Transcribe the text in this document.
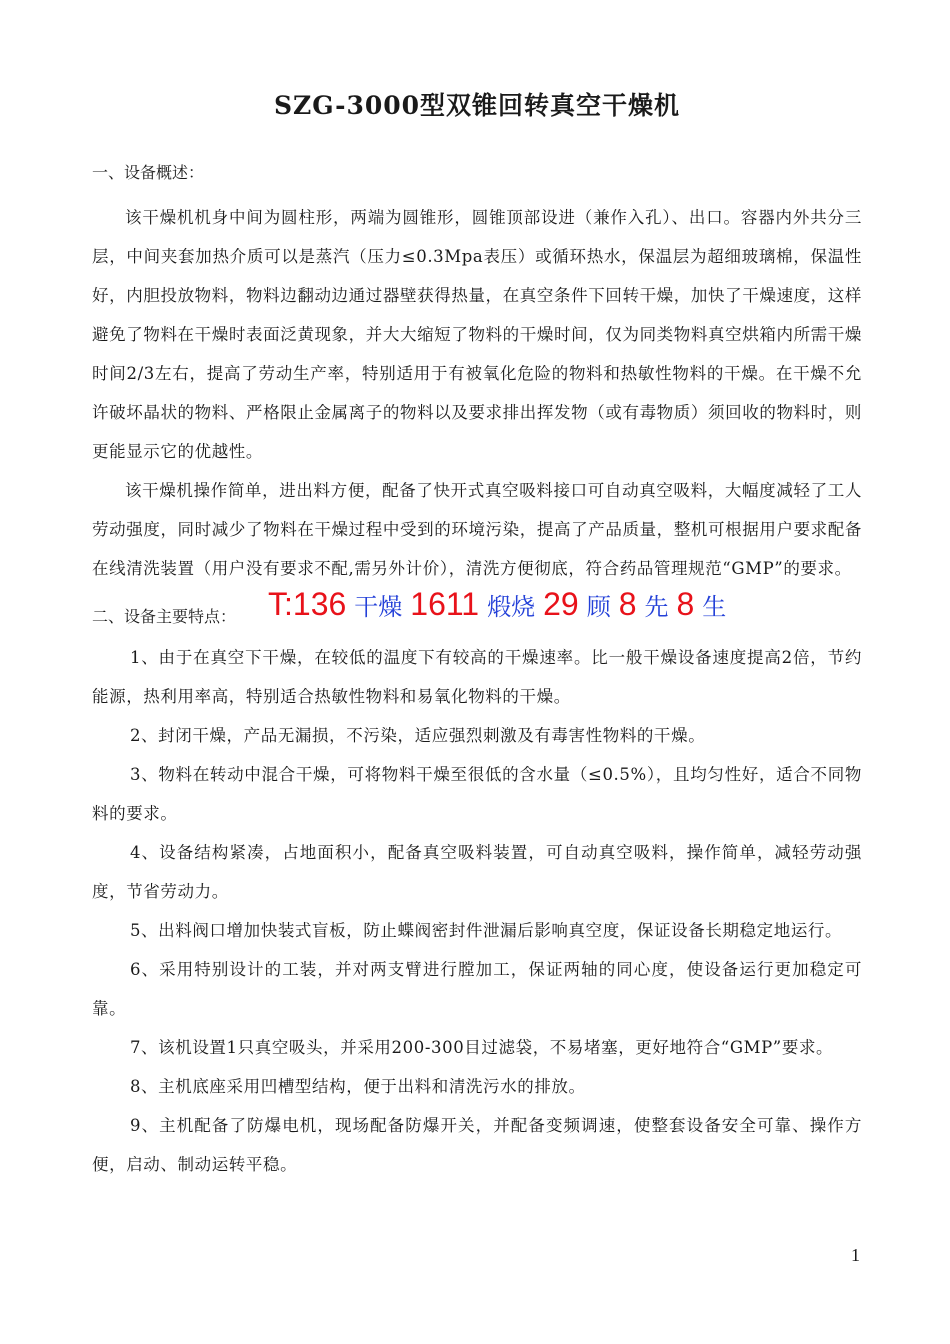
SZG-3000型双锥回转真空干燥机
一、设备概述：

该干燥机机身中间为圆柱形，两端为圆锥形，圆锥顶部设进（兼作入孔）、出口。容器内外共分三层，中间夹套加热介质可以是蒸汽（压力≤0.3Mpa表压）或循环热水，保温层为超细玻璃棉，保温性好，内胆投放物料，物料边翻动边通过器壁获得热量，在真空条件下回转干燥，加快了干燥速度，这样避免了物料在干燥时表面泛黄现象，并大大缩短了物料的干燥时间，仅为同类物料真空烘箱内所需干燥时间2/3左右，提高了劳动生产率，特别适用于有被氧化危险的物料和热敏性物料的干燥。在干燥不允许破坏晶状的物料、严格限止金属离子的物料以及要求排出挥发物（或有毒物质）须回收的物料时，则更能显示它的优越性。

该干燥机操作简单，进出料方便，配备了快开式真空吸料接口可自动真空吸料，大幅度减轻了工人劳动强度，同时减少了物料在干燥过程中受到的环境污染，提高了产品质量，整机可根据用户要求配备在线清洗装置（用户没有要求不配,需另外计价），清洗方便彻底，符合药品管理规范“GMP”的要求。

二、设备主要特点： T:136 干燥 1611 煅烧 29 顾 8 先 8 生

1、由于在真空下干燥，在较低的温度下有较高的干燥速率。比一般干燥设备速度提高2倍，节约能源，热利用率高，特别适合热敏性物料和易氧化物料的干燥。

2、封闭干燥，产品无漏损，不污染，适应强烈刺激及有毒害性物料的干燥。

3、物料在转动中混合干燥，可将物料干燥至很低的含水量（≤0.5%），且均匀性好，适合不同物料的要求。

4、设备结构紧凑，占地面积小，配备真空吸料装置，可自动真空吸料，操作简单，减轻劳动强度，节省劳动力。

5、出料阀口增加快装式盲板，防止蝶阀密封件泄漏后影响真空度，保证设备长期稳定地运行。

6、采用特别设计的工装，并对两支臂进行膛加工，保证两轴的同心度，使设备运行更加稳定可靠。

7、该机设置1只真空吸头，并采用200-300目过滤袋，不易堵塞，更好地符合“GMP”要求。

8、主机底座采用凹槽型结构，便于出料和清洗污水的排放。

9、主机配备了防爆电机，现场配备防爆开关，并配备变频调速，使整套设备安全可靠、操作方便，启动、制动运转平稳。

1
